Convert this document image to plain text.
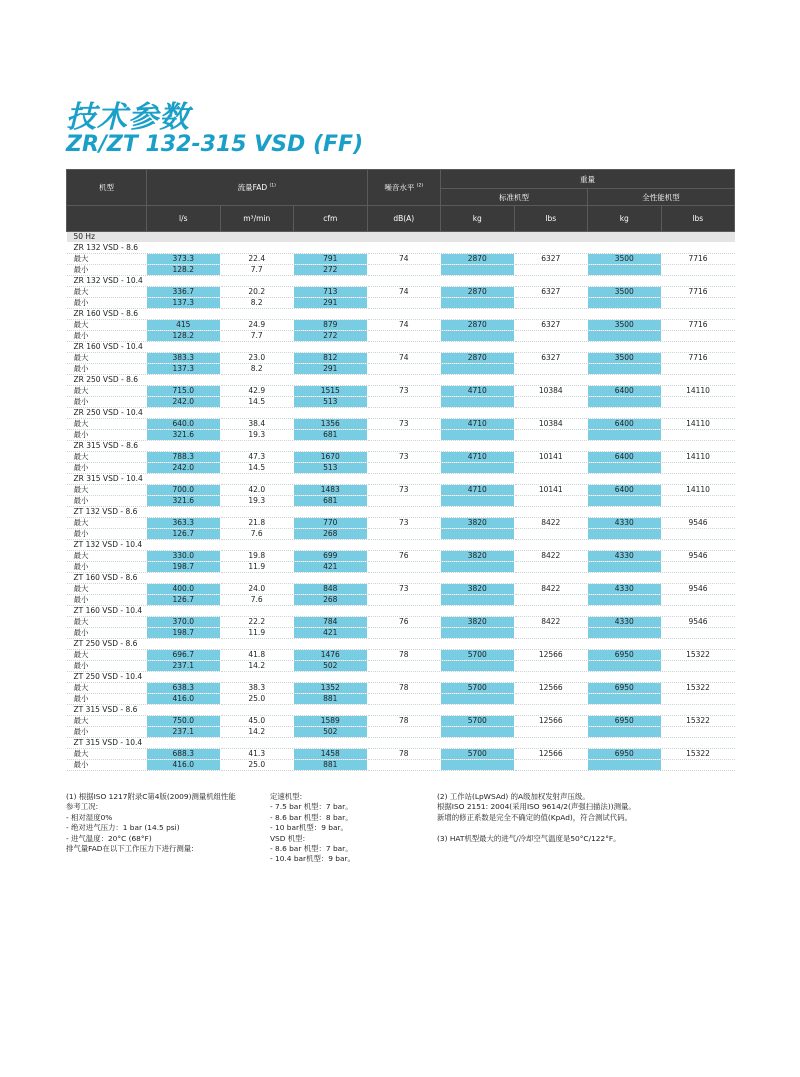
技术参数
ZR/ZT 132-315 VSD (FF)
机型	流量FAD $^{(1)}$			噪音水平 $^{(2)}$	重量			
					标准机型		全性能机型	
	l/s	m³/min	cfm	dB(A)	kg	lbs	kg	lbs
50 Hz								
ZR 132 VSD - 8.6								
最大	373.3	22.4	791	74	2870	6327	3500	7716
最小	128.2	7.7	272					
ZR 132 VSD - 10.4								
最大	336.7	20.2	713	74	2870	6327	3500	7716
最小	137.3	8.2	291					
ZR 160 VSD - 8.6								
最大	415	24.9	879	74	2870	6327	3500	7716
最小	128.2	7.7	272					
ZR 160 VSD - 10.4								
最大	383.3	23.0	812	74	2870	6327	3500	7716
最小	137.3	8.2	291					
ZR 250 VSD - 8.6								
最大	715.0	42.9	1515	73	4710	10384	6400	14110
最小	242.0	14.5	513					
ZR 250 VSD - 10.4								
最大	640.0	38.4	1356	73	4710	10384	6400	14110
最小	321.6	19.3	681					
ZR 315 VSD - 8.6								
最大	788.3	47.3	1670	73	4710	10141	6400	14110
最小	242.0	14.5	513					
ZR 315 VSD - 10.4								
最大	700.0	42.0	1483	73	4710	10141	6400	14110
最小	321.6	19.3	681					
ZT 132 VSD - 8.6								
最大	363.3	21.8	770	73	3820	8422	4330	9546
最小	126.7	7.6	268					
ZT 132 VSD - 10.4								
最大	330.0	19.8	699	76	3820	8422	4330	9546
最小	198.7	11.9	421					
ZT 160 VSD - 8.6								
最大	400.0	24.0	848	73	3820	8422	4330	9546
最小	126.7	7.6	268					
ZT 160 VSD - 10.4								
最大	370.0	22.2	784	76	3820	8422	4330	9546
最小	198.7	11.9	421					
ZT 250 VSD - 8.6								
最大	696.7	41.8	1476	78	5700	12566	6950	15322
最小	237.1	14.2	502					
ZT 250 VSD - 10.4								
最大	638.3	38.3	1352	78	5700	12566	6950	15322
最小	416.0	25.0	881					
ZT 315 VSD - 8.6								
最大	750.0	45.0	1589	78	5700	12566	6950	15322
最小	237.1	14.2	502					
ZT 315 VSD - 10.4								
最大	688.3	41.3	1458	78	5700	12566	6950	15322
最小	416.0	25.0	881					
(1) 根据ISO 1217附录C第4版(2009)测量机组性能
参考工况:
- 相对湿度0%
- 绝对进气压力：1 bar (14.5 psi)
- 进气温度：20°C (68°F)
排气量FAD在以下工作压力下进行测量:
定速机型:
- 7.5 bar 机型：7 bar。
- 8.6 bar 机型：8 bar。
- 10 bar机型：9 bar。
VSD 机型:
- 8.6 bar 机型：7 bar。
- 10.4 bar机型：9 bar。
(2) 工作站(LpWSAd) 的A级加权发射声压级。
根据ISO 2151: 2004(采用ISO 9614/2(声强扫描法))测量。
新增的修正系数是完全不确定的值(KpAd)，符合测试代码。

(3) HAT机型最大的进气/冷却空气温度是50°C/122°F。
